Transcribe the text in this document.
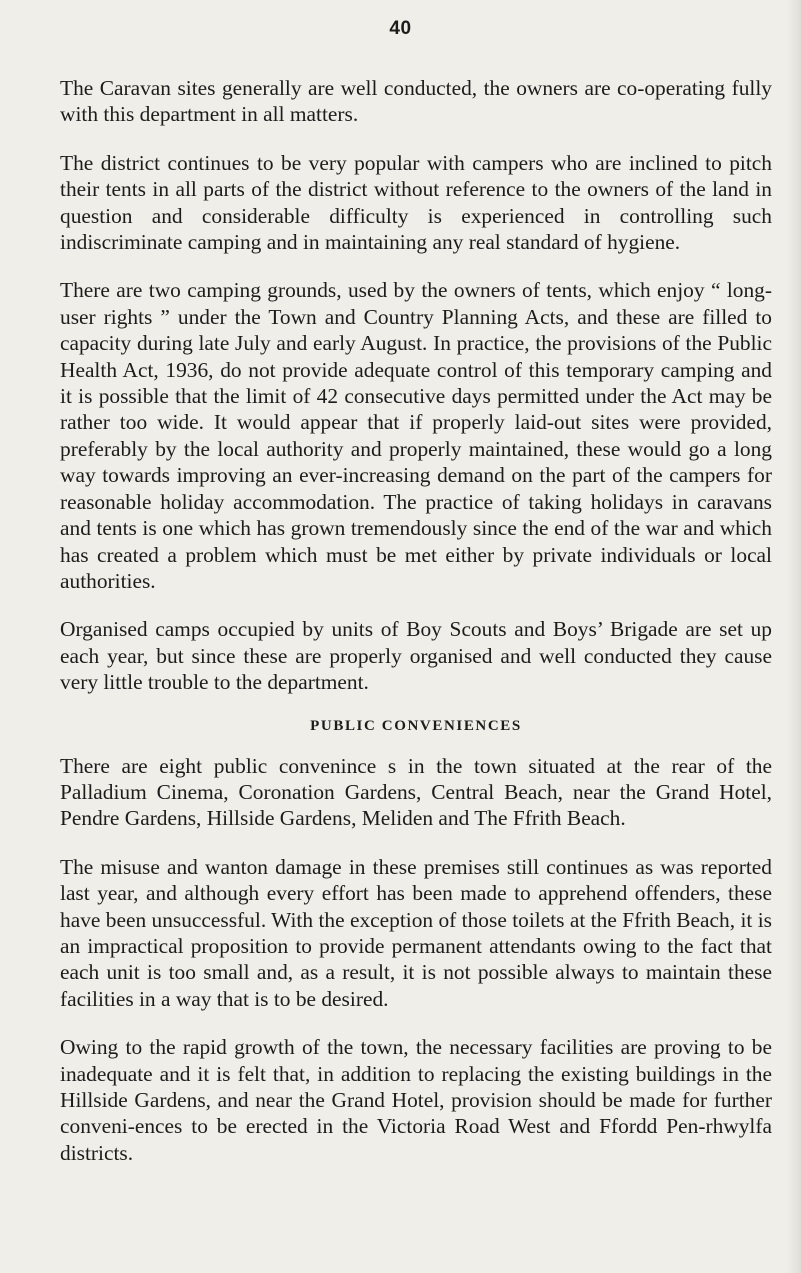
40

The Caravan sites generally are well conducted, the owners are co-operating fully with this department in all matters.

The district continues to be very popular with campers who are inclined to pitch their tents in all parts of the district without reference to the owners of the land in question and considerable difficulty is experienced in controlling such indiscriminate camping and in maintaining any real standard of hygiene.

There are two camping grounds, used by the owners of tents, which enjoy “ long-user rights ” under the Town and Country Planning Acts, and these are filled to capacity during late July and early August. In practice, the provisions of the Public Health Act, 1936, do not provide adequate control of this temporary camping and it is possible that the limit of 42 consecutive days permitted under the Act may be rather too wide. It would appear that if properly laid-out sites were provided, preferably by the local authority and properly maintained, these would go a long way towards improving an ever-increasing demand on the part of the campers for reasonable holiday accommodation. The practice of taking holidays in caravans and tents is one which has grown tremendously since the end of the war and which has created a problem which must be met either by private individuals or local authorities.

Organised camps occupied by units of Boy Scouts and Boys’ Brigade are set up each year, but since these are properly organised and well conducted they cause very little trouble to the department.

PUBLIC CONVENIENCES

There are eight public convenince s in the town situated at the rear of the Palladium Cinema, Coronation Gardens, Central Beach, near the Grand Hotel, Pendre Gardens, Hillside Gardens, Meliden and The Ffrith Beach.

The misuse and wanton damage in these premises still continues as was reported last year, and although every effort has been made to apprehend offenders, these have been unsuccessful. With the exception of those toilets at the Ffrith Beach, it is an impractical proposition to provide permanent attendants owing to the fact that each unit is too small and, as a result, it is not possible always to maintain these facilities in a way that is to be desired.

Owing to the rapid growth of the town, the necessary facilities are proving to be inadequate and it is felt that, in addition to replacing the existing buildings in the Hillside Gardens, and near the Grand Hotel, provision should be made for further conveni-ences to be erected in the Victoria Road West and Ffordd Pen-rhwylfa districts.
